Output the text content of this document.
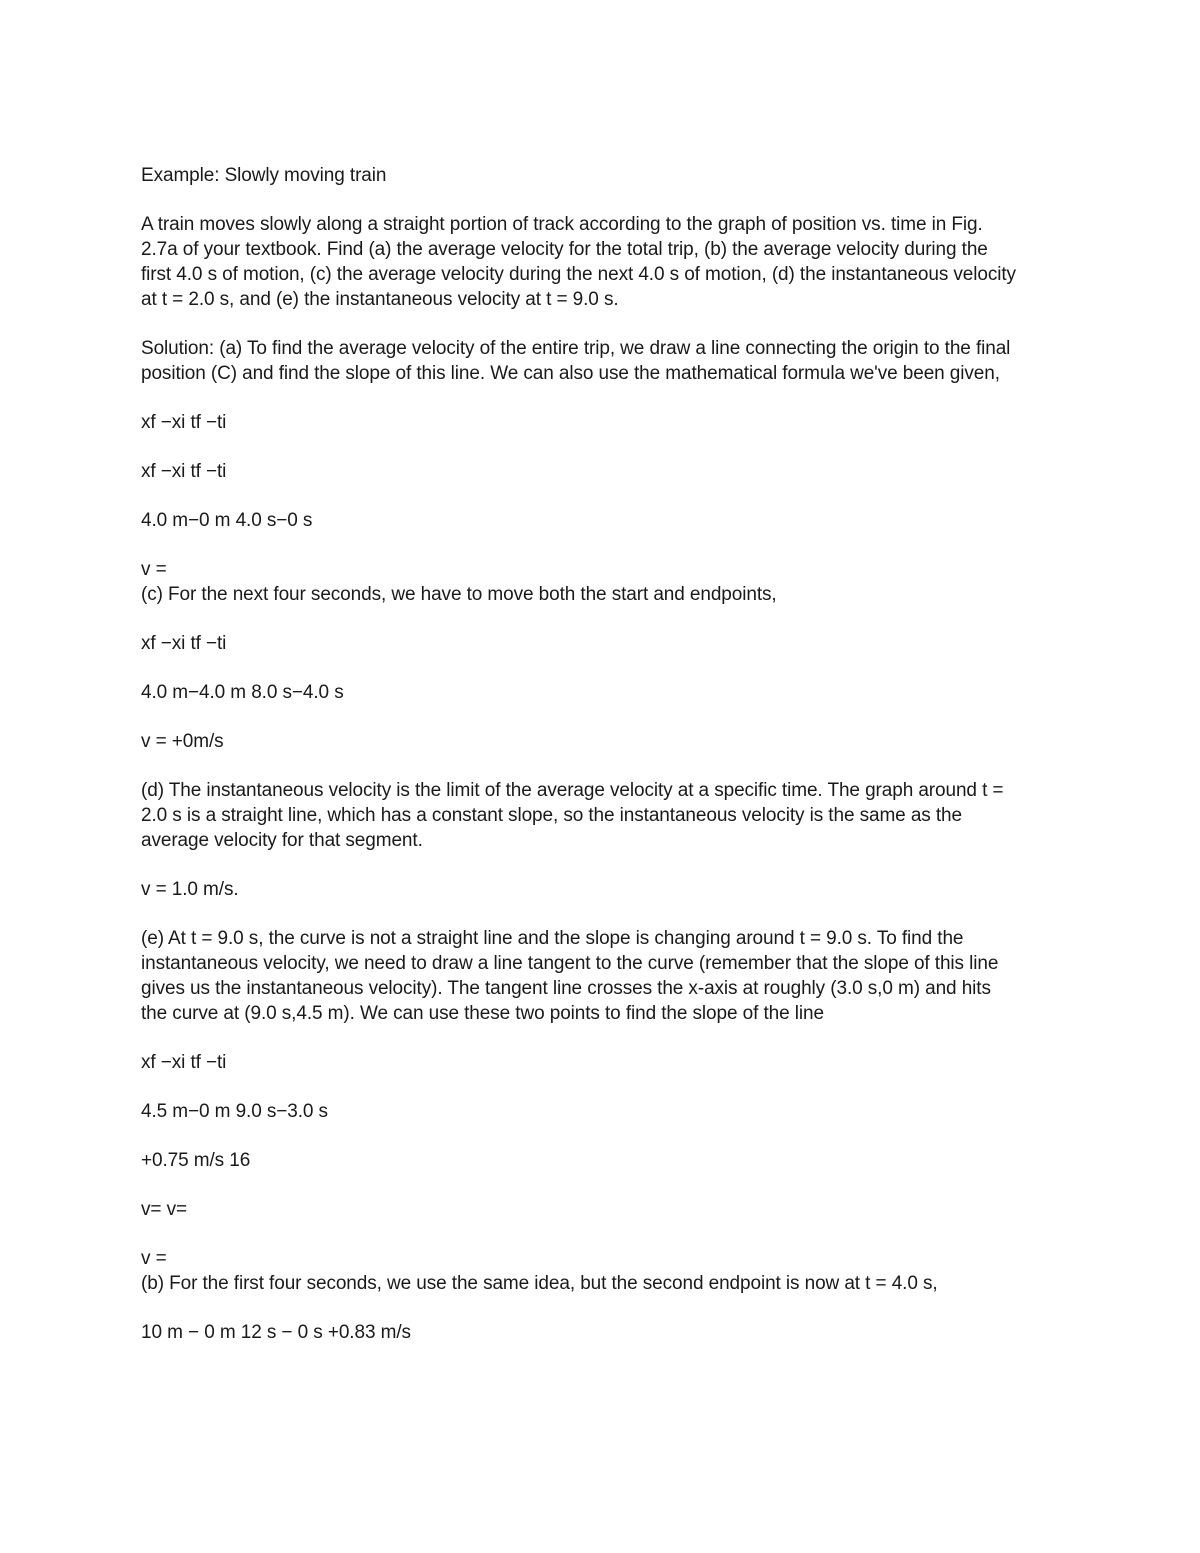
Example: Slowly moving train

A train moves slowly along a straight portion of track according to the graph of position vs. time in Fig.

2.7a of your textbook. Find (a) the average velocity for the total trip, (b) the average velocity during the

first 4.0 s of motion, (c) the average velocity during the next 4.0 s of motion, (d) the instantaneous velocity

at t = 2.0 s, and (e) the instantaneous velocity at t = 9.0 s.

Solution: (a) To find the average velocity of the entire trip, we draw a line connecting the origin to the final

position (C) and find the slope of this line. We can also use the mathematical formula we've been given,

xf −xi tf −ti

xf −xi tf −ti

4.0 m−0 m 4.0 s−0 s

v =

(c) For the next four seconds, we have to move both the start and endpoints,

xf −xi tf −ti

4.0 m−4.0 m 8.0 s−4.0 s

v = +0m/s

(d) The instantaneous velocity is the limit of the average velocity at a specific time. The graph around t =

2.0 s is a straight line, which has a constant slope, so the instantaneous velocity is the same as the

average velocity for that segment.

v = 1.0 m/s.

(e) At t = 9.0 s, the curve is not a straight line and the slope is changing around t = 9.0 s. To find the

instantaneous velocity, we need to draw a line tangent to the curve (remember that the slope of this line

gives us the instantaneous velocity). The tangent line crosses the x-axis at roughly (3.0 s,0 m) and hits

the curve at (9.0 s,4.5 m). We can use these two points to find the slope of the line

xf −xi tf −ti

4.5 m−0 m 9.0 s−3.0 s

+0.75 m/s 16

v= v=

v =

(b) For the first four seconds, we use the same idea, but the second endpoint is now at t = 4.0 s,

10 m − 0 m 12 s − 0 s +0.83 m/s
